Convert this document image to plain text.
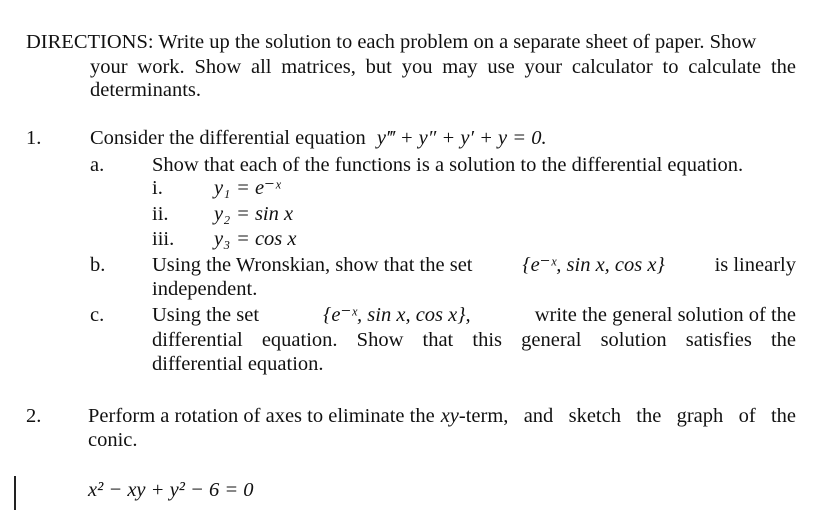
DIRECTIONS: Write up the solution to each problem on a separate sheet of paper. Show
your work. Show all matrices, but you may use your calculator to calculate the
determinants.
1. Consider the differential equation y‴ + y″ + y′ + y = 0.
a. Show that each of the functions is a solution to the differential equation.
i. y₁ = e⁻ˣ
ii. y₂ = sin x
iii. y₃ = cos x
b. Using the Wronskian, show that the set {e⁻ˣ, sin x, cos x} is linearly
independent.
c. Using the set	{e⁻ˣ, sin x, cos x},	write the general solution of the
differential equation. Show that this general solution satisfies the
differential equation.
2. Perform a rotation of axes to eliminate the xy -term, and sketch the graph of the
conic.
x² − xy + y² − 6 = 0
